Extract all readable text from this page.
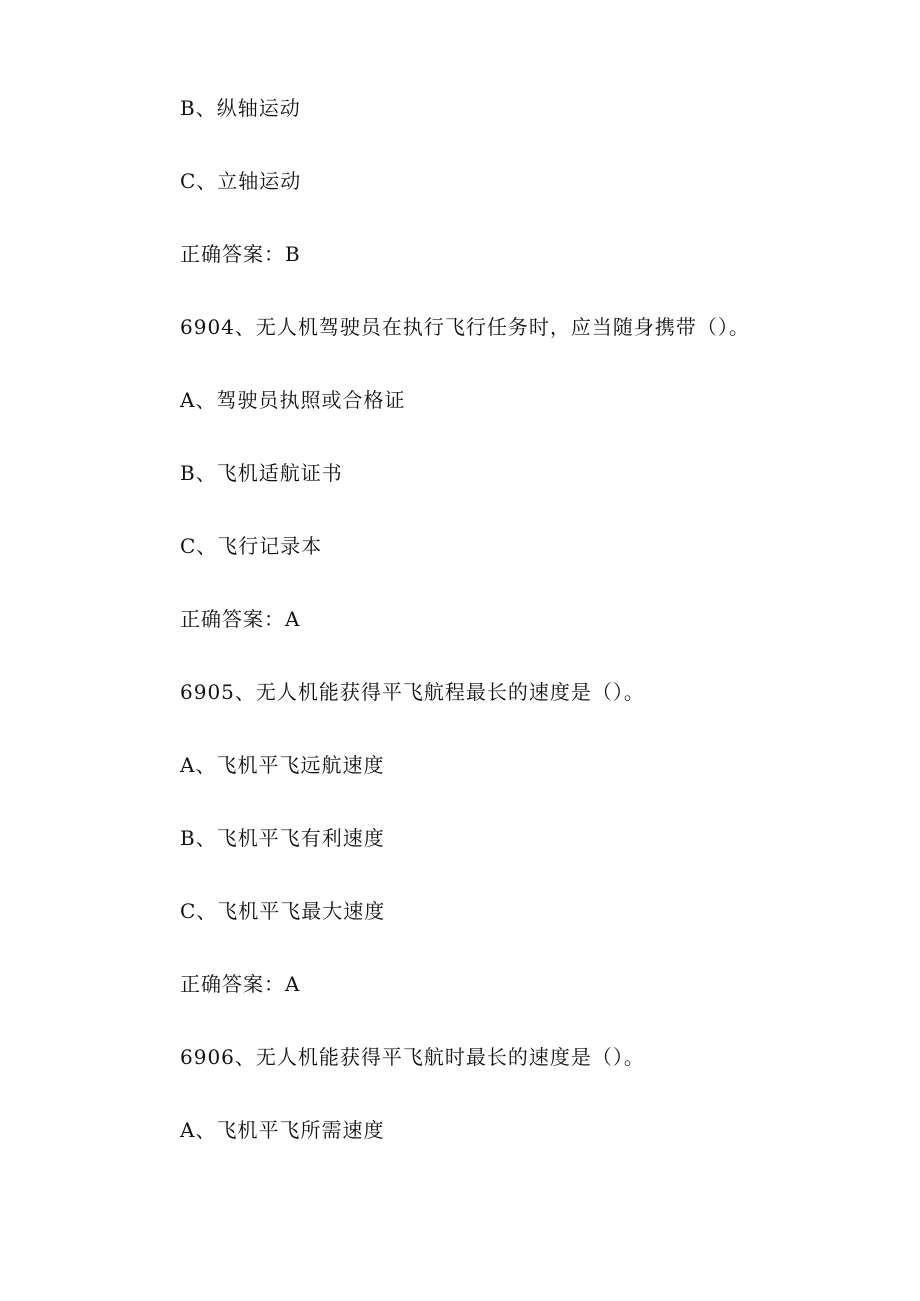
B、纵轴运动
C、立轴运动
正确答案：B
6904、无人机驾驶员在执行飞行任务时，应当随身携带（）。
A、驾驶员执照或合格证
B、飞机适航证书
C、飞行记录本
正确答案：A
6905、无人机能获得平飞航程最长的速度是（）。
A、飞机平飞远航速度
B、飞机平飞有利速度
C、飞机平飞最大速度
正确答案：A
6906、无人机能获得平飞航时最长的速度是（）。
A、飞机平飞所需速度
